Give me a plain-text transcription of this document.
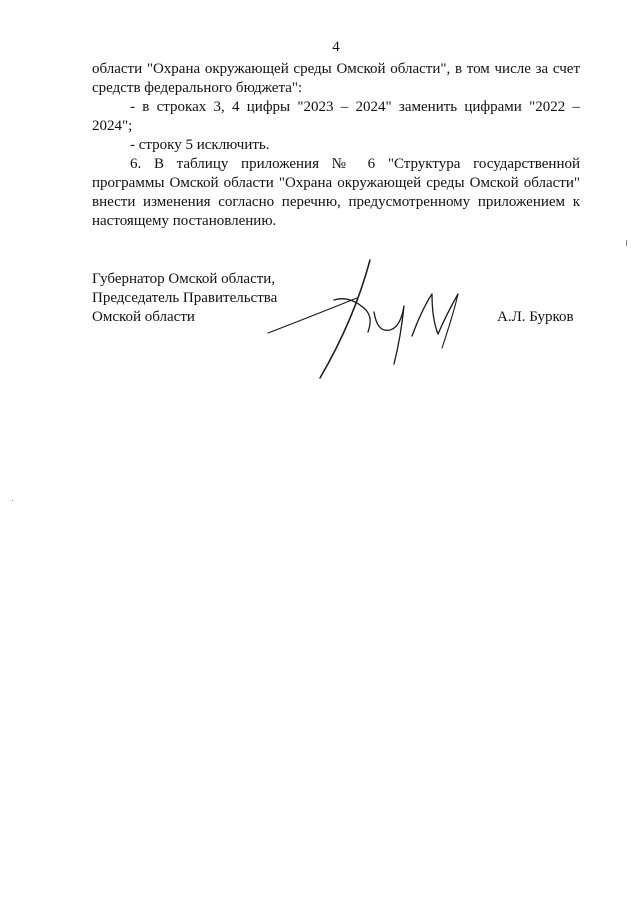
4

области "Охрана окружающей среды Омской области", в том числе за счет средств федерального бюджета":

- в строках 3, 4 цифры "2023 – 2024" заменить цифрами "2022 – 2024";

- строку 5 исключить.

6. В таблицу приложения № 6 "Структура государственной программы Омской области "Охрана окружающей среды Омской области" внести изменения согласно перечню, предусмотренному приложением к настоящему постановлению.

Губернатор Омской области,
Председатель Правительства
Омской области	А.Л. Бурков
